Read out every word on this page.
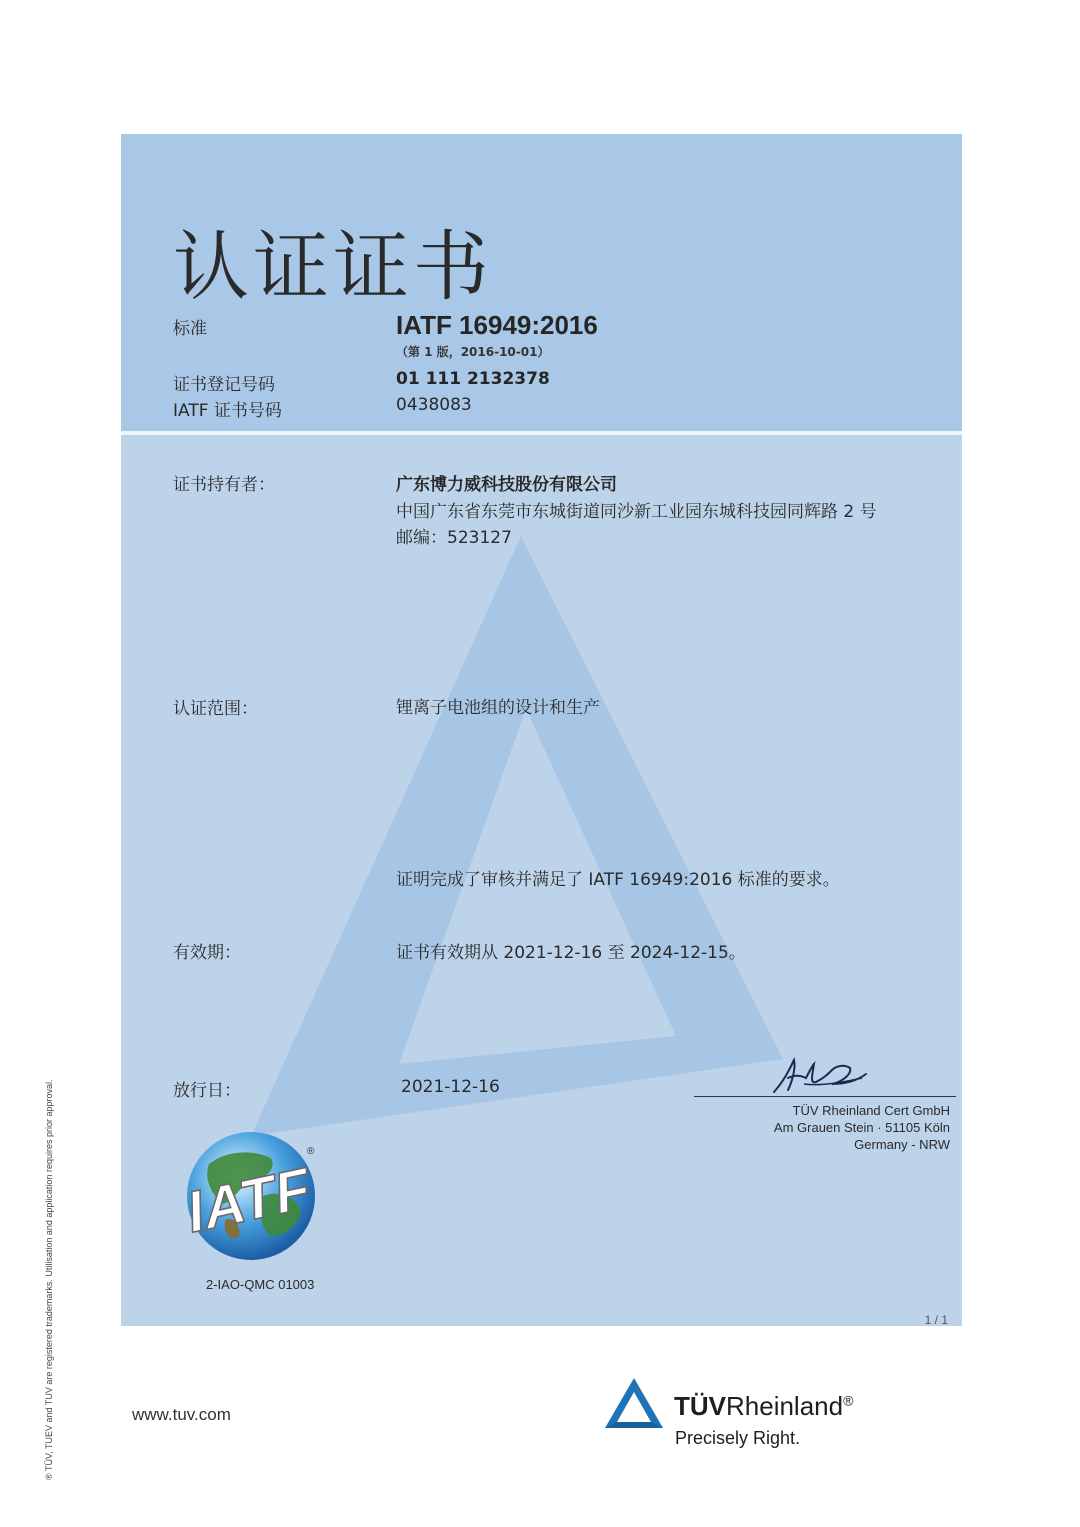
认证证书
标准	IATF 16949:2016
（第 1 版，2016-10-01）
证书登记号码	01 111 2132378
IATF 证书号码	0438083
证书持有者：	广东博力威科技股份有限公司
中国广东省东莞市东城街道同沙新工业园东城科技园同辉路 2 号
邮编：523127
认证范围：	锂离子电池组的设计和生产
证明完成了审核并满足了 IATF 16949:2016 标准的要求。
有效期：	证书有效期从 2021-12-16 至 2024-12-15。
放行日：	2021-12-16
TÜV Rheinland Cert GmbH
Am Grauen Stein · 51105 Köln
Germany - NRW
IATF
®
2-IAO-QMC 01003
1 / 1
® TÜV, TUEV and TUV are registered trademarks. Utilisation and application requires prior approval.	www.tuv.com	TÜVRheinland®
Precisely Right.
